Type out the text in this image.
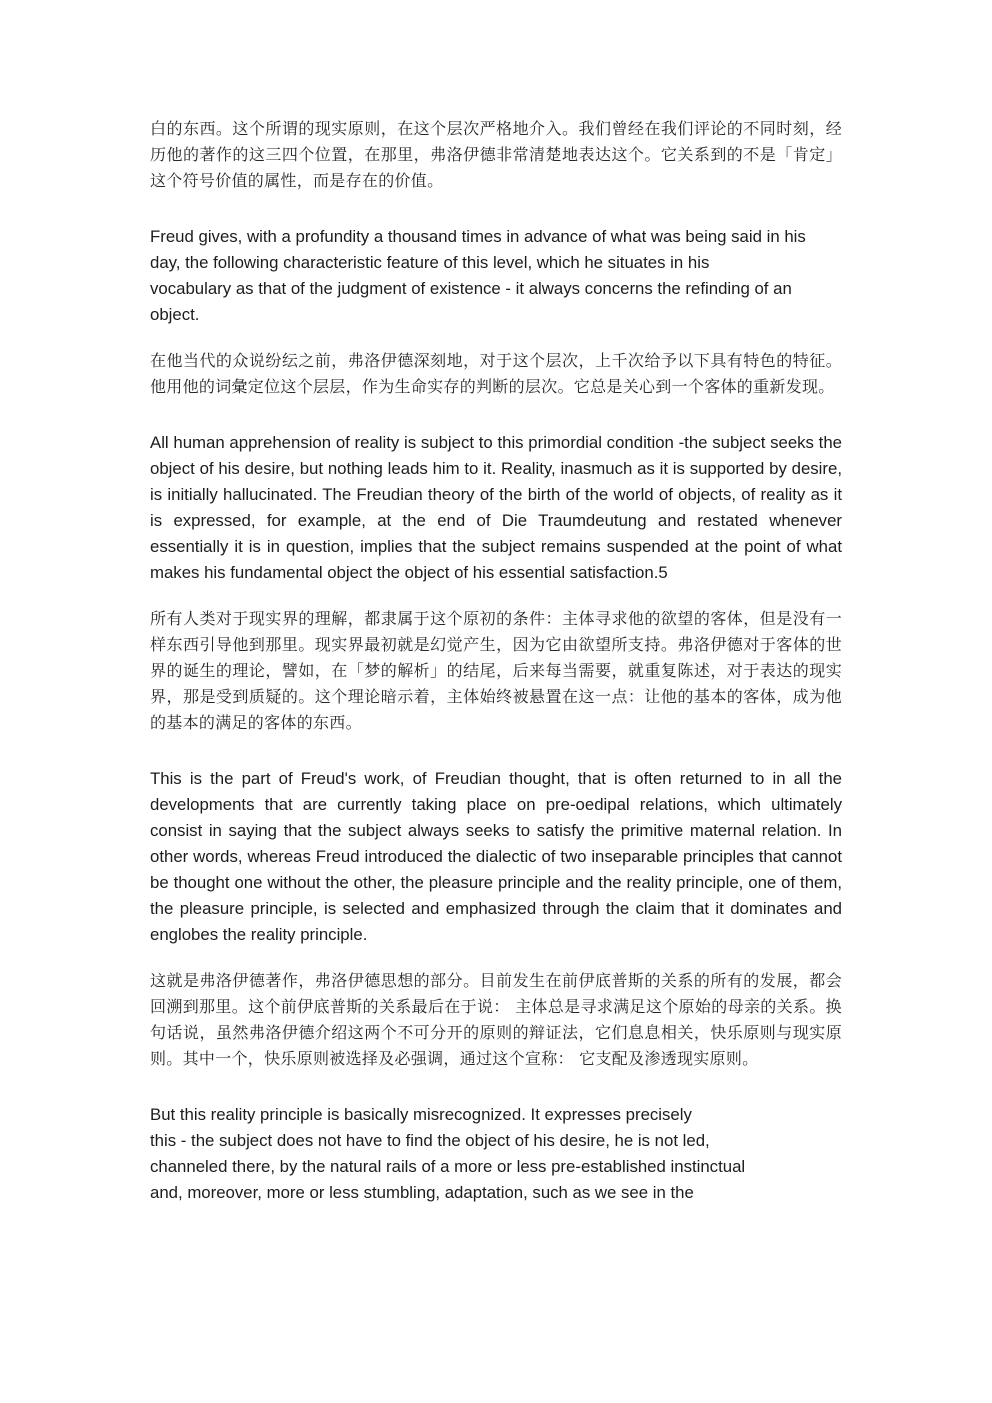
白的东西。这个所谓的现实原则，在这个层次严格地介入。我们曾经在我们评论的不同时刻，经历他的著作的这三四个位置，在那里，弗洛伊德非常清楚地表达这个。它关系到的不是「肯定」这个符号价值的属性，而是存在的价值。

Freud gives, with a profundity a thousand times in advance of what was being said in his
day, the following characteristic feature of this level, which he situates in his
vocabulary as that of the judgment of existence - it always concerns the refinding of an
object.

在他当代的众说纷纭之前，弗洛伊德深刻地，对于这个层次，上千次给予以下具有特色的特征。他用他的词彙定位这个层层，作为生命实存的判断的层次。它总是关心到一个客体的重新发现。

All human apprehension of reality is subject to this primordial condition -the subject seeks the object of his desire, but nothing leads him to it. Reality, inasmuch as it is supported by desire, is initially hallucinated. The Freudian theory of the birth of the world of objects, of reality as it is expressed, for example, at the end of Die Traumdeutung and restated whenever essentially it is in question, implies that the subject remains suspended at the point of what makes his fundamental object the object of his essential satisfaction.5

所有人类对于现实界的理解，都隶属于这个原初的条件：主体寻求他的欲望的客体，但是没有一样东西引导他到那里。现实界最初就是幻觉产生，因为它由欲望所支持。弗洛伊德对于客体的世界的诞生的理论，譬如，在「梦的解析」的结尾，后来每当需要，就重复陈述，对于表达的现实界，那是受到质疑的。这个理论暗示着，主体始终被悬置在这一点：让他的基本的客体，成为他的基本的满足的客体的东西。

This is the part of Freud's work, of Freudian thought, that is often returned to in all the developments that are currently taking place on pre-oedipal relations, which ultimately consist in saying that the subject always seeks to satisfy the primitive maternal relation. In other words, whereas Freud introduced the dialectic of two inseparable principles that cannot be thought one without the other, the pleasure principle and the reality principle, one of them, the pleasure principle, is selected and emphasized through the claim that it dominates and englobes the reality principle.

这就是弗洛伊德著作，弗洛伊德思想的部分。目前发生在前伊底普斯的关系的所有的发展，都会回溯到那里。这个前伊底普斯的关系最后在于说： 主体总是寻求满足这个原始的母亲的关系。换句话说，虽然弗洛伊德介绍这两个不可分开的原则的辩证法，它们息息相关，快乐原则与现实原则。其中一个，快乐原则被选择及必强调，通过这个宣称： 它支配及渗透现实原则。

But this reality principle is basically misrecognized. It expresses precisely
this - the subject does not have to find the object of his desire, he is not led,
channeled there, by the natural rails of a more or less pre-established instinctual
and, moreover, more or less stumbling, adaptation, such as we see in the
